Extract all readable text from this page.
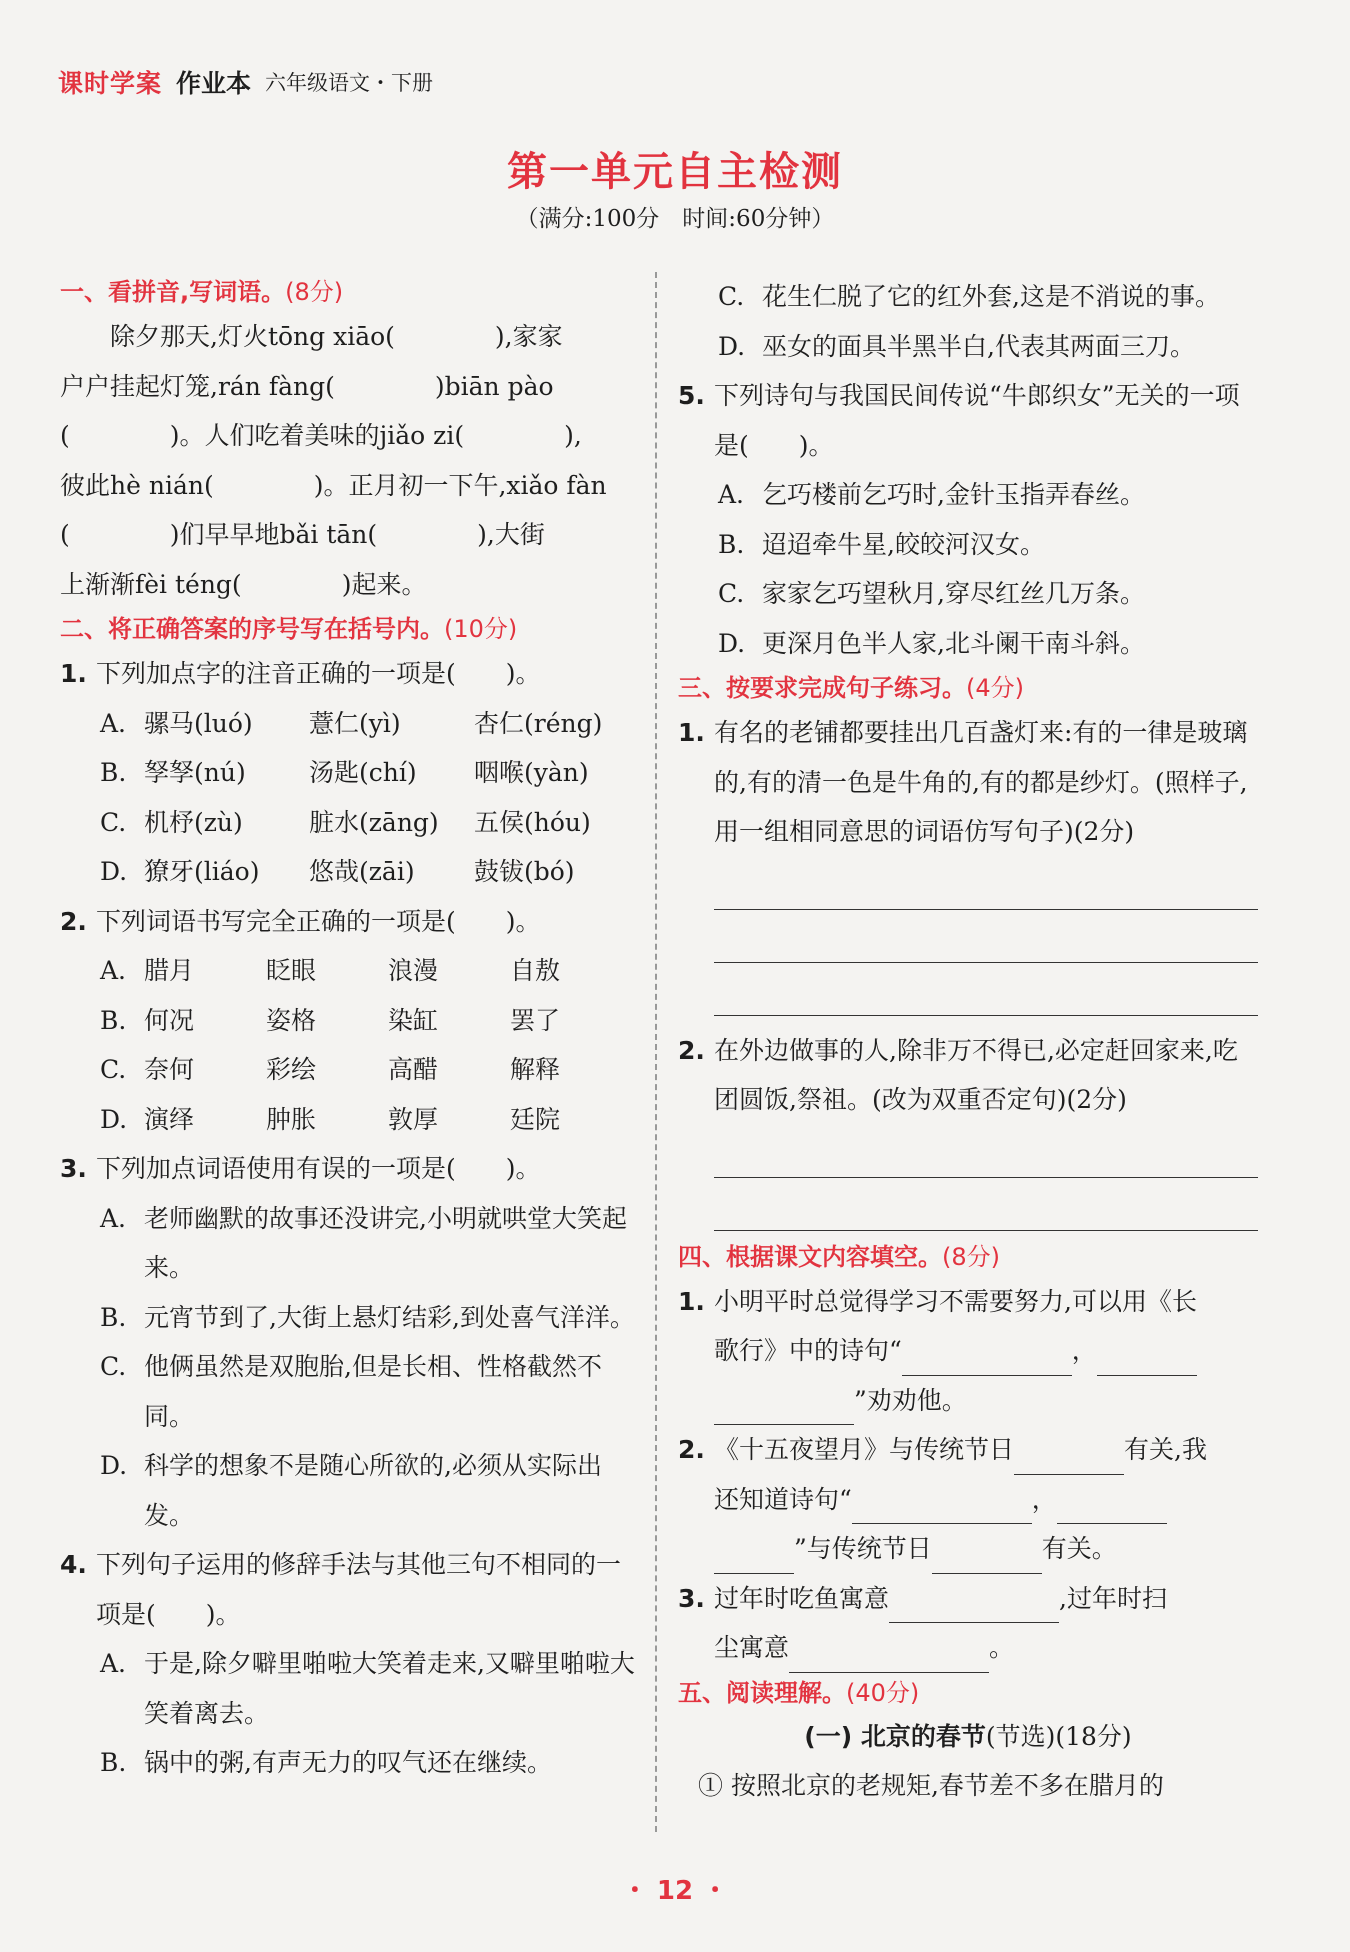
课时学案 作业本 六年级语文・下册
第一单元自主检测
（满分:100分　时间:60分钟）
一、看拼音,写词语。(8分)

除夕那天,灯火tōng xiāo(　　　　),家家

户户挂起灯笼,rán fàng(　　　　)biān pào

(　　　　)。人们吃着美味的jiǎo zi(　　　　),

彼此hè nián(　　　　)。正月初一下午,xiǎo fàn

(　　　　)们早早地bǎi tān(　　　　),大街

上渐渐fèi téng(　　　　)起来。

二、将正确答案的序号写在括号内。(10分)
1. 下列加点字的注音正确的一项是(　　)。
A. 骡马(luó)	薏仁(yì)	杏仁(réng)
B. 孥孥(nú)	汤匙(chí)	咽喉(yàn)
C. 机杼(zù)	脏水(zāng)	五侯(hóu)
D. 獠牙(liáo)	悠哉(zāi)	鼓钹(bó)
2. 下列词语书写完全正确的一项是(　　)。
A. 腊月	眨眼	浪漫	自敖
B. 何况	姿格	染缸	罢了
C. 奈何	彩绘	高醋	解释
D. 演绎	肿胀	敦厚	廷院
3. 下列加点词语使用有误的一项是(　　)。
A. 老师幽默的故事还没讲完,小明就哄堂大笑起来。
B. 元宵节到了,大街上悬灯结彩,到处喜气洋洋。
C. 他俩虽然是双胞胎,但是长相、性格截然不同。
D. 科学的想象不是随心所欲的,必须从实际出发。
4. 下列句子运用的修辞手法与其他三句不相同的一项是(　　)。
A. 于是,除夕噼里啪啦大笑着走来,又噼里啪啦大笑着离去。
B. 锅中的粥,有声无力的叹气还在继续。
C. 花生仁脱了它的红外套,这是不消说的事。
D. 巫女的面具半黑半白,代表其两面三刀。
5. 下列诗句与我国民间传说“牛郎织女”无关的一项是(　　)。
A. 乞巧楼前乞巧时,金针玉指弄春丝。
B. 迢迢牵牛星,皎皎河汉女。
C. 家家乞巧望秋月,穿尽红丝几万条。
D. 更深月色半人家,北斗阑干南斗斜。
三、按要求完成句子练习。(4分)
1. 有名的老铺都要挂出几百盏灯来:有的一律是玻璃的,有的清一色是牛角的,有的都是纱灯。(照样子,用一组相同意思的词语仿写句子)(2分)
2. 在外边做事的人,除非万不得已,必定赶回家来,吃团圆饭,祭祖。(改为双重否定句)(2分)
四、根据课文内容填空。(8分)
1. 小明平时总觉得学习不需要努力,可以用《长
歌行》中的诗句“	，
”劝劝他。
2. 《十五夜望月》与传统节日	有关,我
还知道诗句“	，
”与传统节日	有关。
3. 过年时吃鱼寓意	,过年时扫
尘寓意	。
五、阅读理解。(40分)
(一) 北京的春节(节选)(18分)
① 按照北京的老规矩,春节差不多在腊月的
・ 12 ・
